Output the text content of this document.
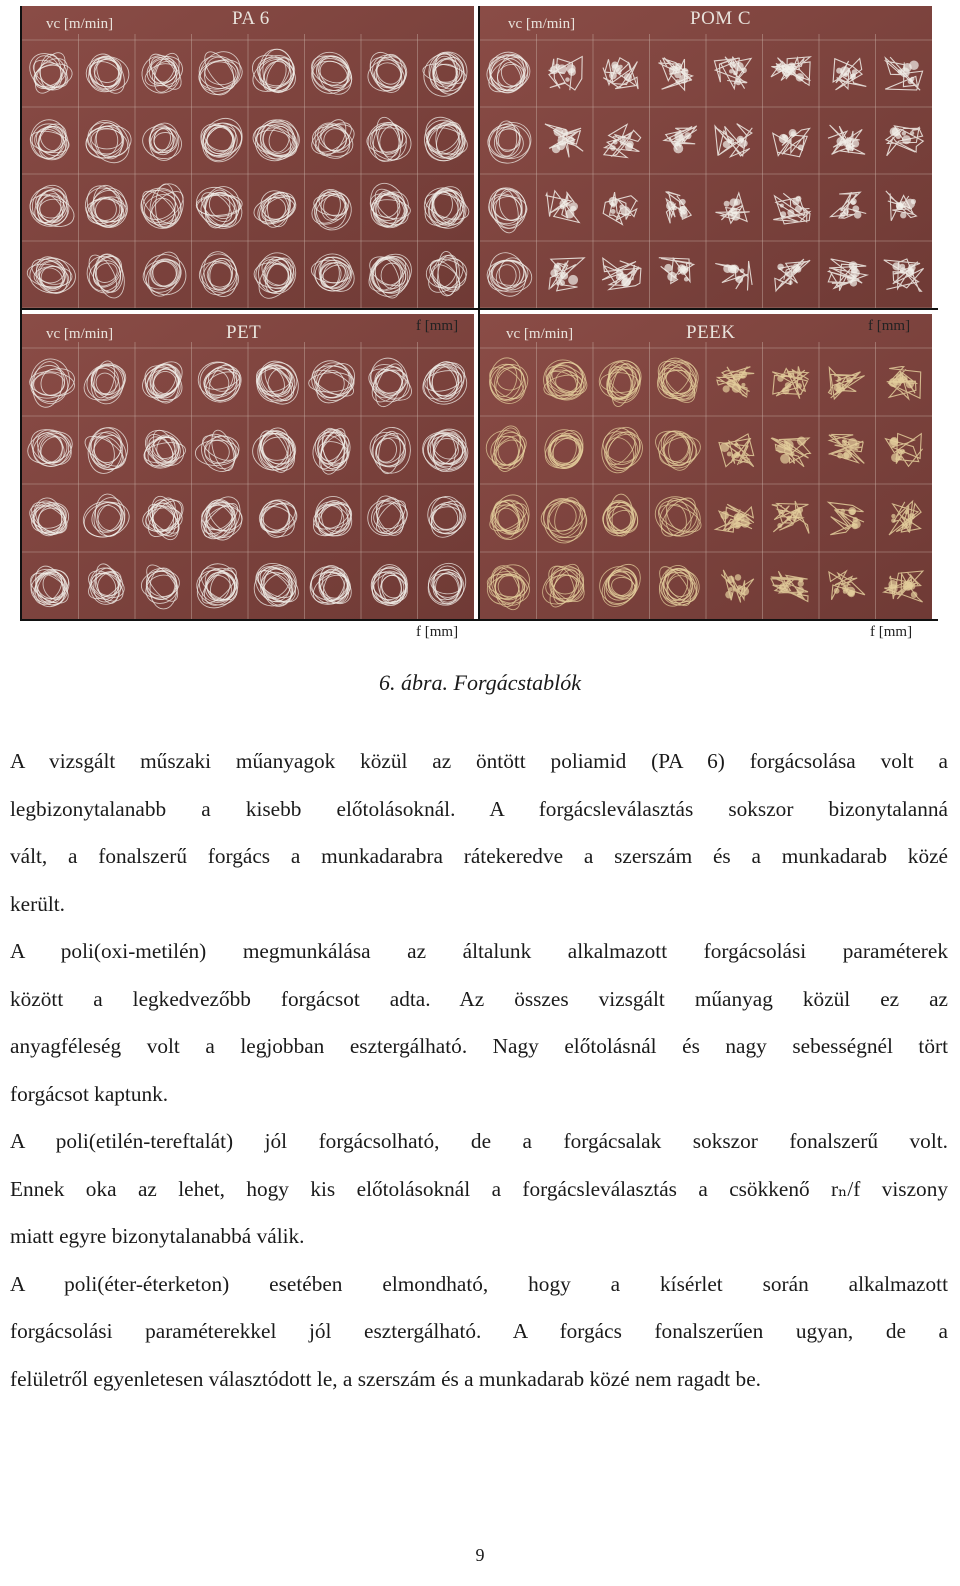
PA 6
vc [m/min]	POM C
vc [m/min]
PET
vc [m/min]	PEEK
vc [m/min]
f [mm]	f [mm]
f [mm]	f [mm]
6. ábra. Forgácstablók

A vizsgált műszaki műanyagok közül az öntött poliamid (PA 6) forgácsolása volt a
legbizonytalanabb a kisebb előtolásoknál. A forgácsleválasztás sokszor bizonytalanná
vált, a fonalszerű forgács a munkadarabra rátekeredve a szerszám és a munkadarab közé
került.

A poli(oxi-metilén) megmunkálása az általunk alkalmazott forgácsolási paraméterek
között a legkedvezőbb forgácsot adta. Az összes vizsgált műanyag közül ez az
anyagféleség volt a legjobban esztergálható. Nagy előtolásnál és nagy sebességnél tört
forgácsot kaptunk.

A poli(etilén-tereftalát) jól forgácsolható, de a forgácsalak sokszor fonalszerű volt.
Ennek oka az lehet, hogy kis előtolásoknál a forgácsleválasztás a csökkenő rₙ/f viszony
miatt egyre bizonytalanabbá válik.

A poli(éter-éterketon) esetében elmondható, hogy a kísérlet során alkalmazott
forgácsolási paraméterekkel jól esztergálható. A forgács fonalszerűen ugyan, de a
felületről egyenletesen választódott le, a szerszám és a munkadarab közé nem ragadt be.

9
